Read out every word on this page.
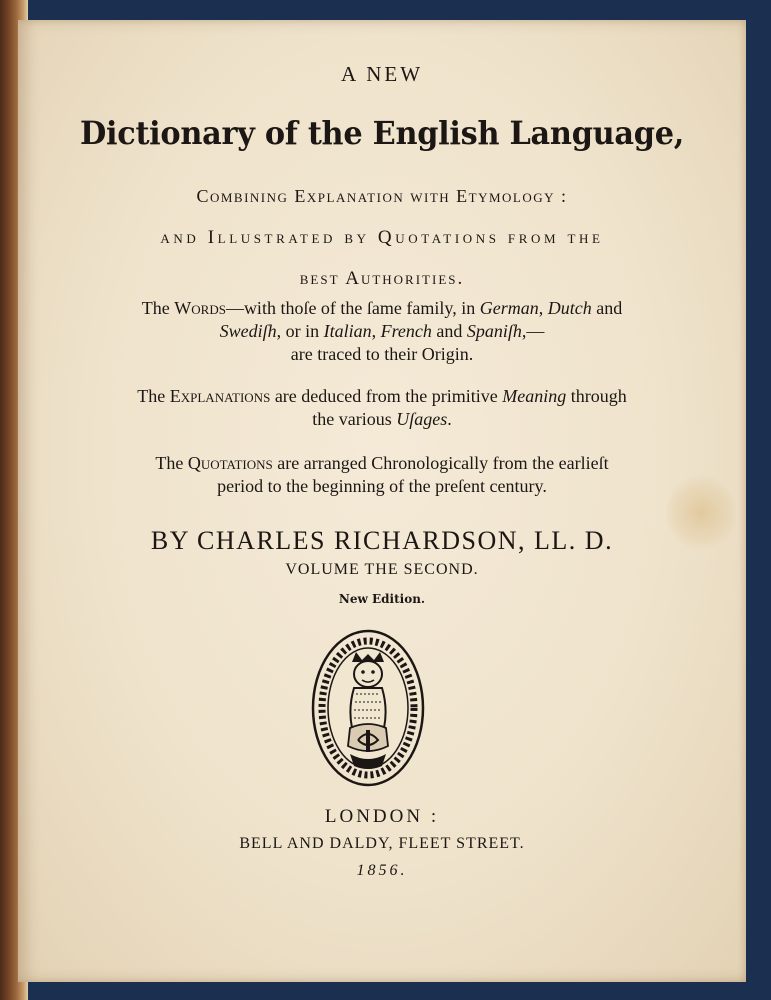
A NEW
Dictionary of the English Language,
Combining Explanation with Etymology :
and Illustrated by Quotations from the
best Authorities.
The Words—with thoſe of the ſame family, in German, Dutch and
Swediſh, or in Italian, French and Spaniſh,—
are traced to their Origin.
The Explanations are deduced from the primitive Meaning through
the various Uſages.
The Quotations are arranged Chronologically from the earlieſt
period to the beginning of the preſent century.
BY CHARLES RICHARDSON, LL. D.
VOLUME THE SECOND.
New Edition.
LONDON :
BELL AND DALDY, FLEET STREET.
1856.
